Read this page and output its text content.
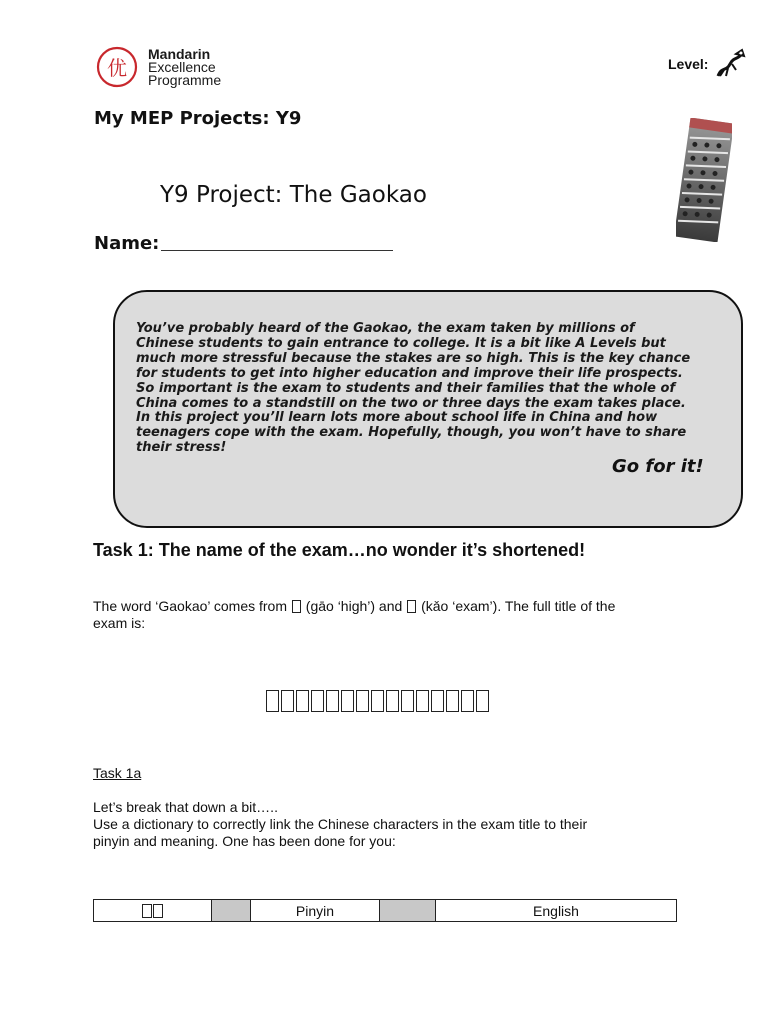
优
Mandarin
Excellence
Programme
Level:
My MEP Projects: Y9
Y9 Project: The Gaokao
Name:
You’ve probably heard of the Gaokao, the exam taken by millions of
Chinese students to gain entrance to college. It is a bit like A Levels but
much more stressful because the stakes are so high. This is the key chance
for students to get into higher education and improve their life prospects.
So important is the exam to students and their families that the whole of
China comes to a standstill on the two or three days the exam takes place.
In this project you’ll learn lots more about school life in China and how
teenagers cope with the exam. Hopefully, though, you won’t have to share
their stress!
Go for it!
Task 1: The name of the exam…no wonder it’s shortened!

The word ‘Gaokao’ comes from (gāo ‘high’) and (kǎo ‘exam’). The full title of the
exam is:

Task 1a

Let’s break that down a bit…..
Use a dictionary to correctly link the Chinese characters in the exam title to their
pinyin and meaning. One has been done for you:

		Pinyin		English
